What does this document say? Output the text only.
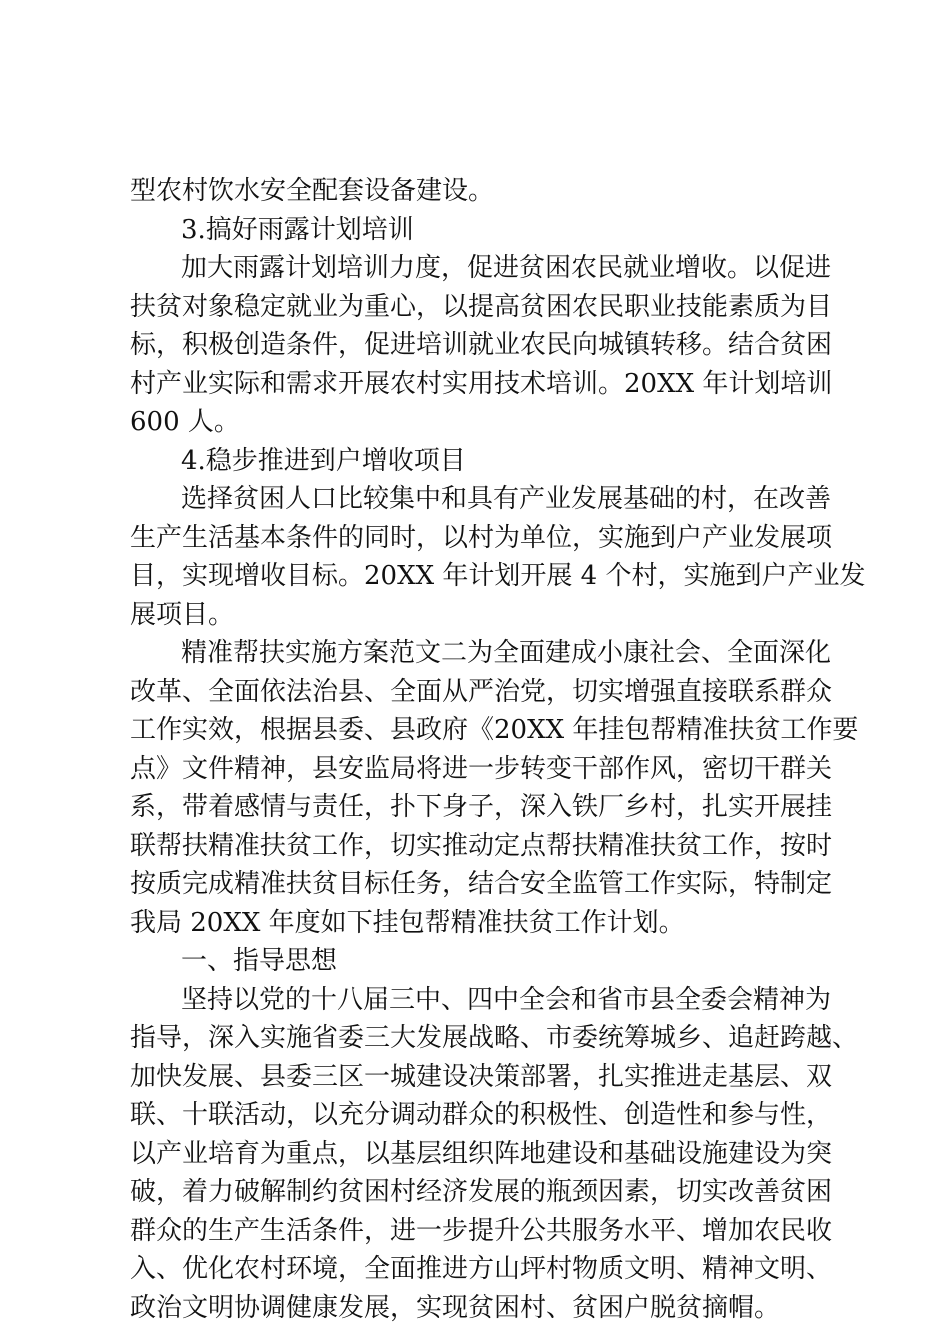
型农村饮水安全配套设备建设。
3.搞好雨露计划培训
加大雨露计划培训力度，促进贫困农民就业增收。以促进
扶贫对象稳定就业为重心，以提高贫困农民职业技能素质为目
标，积极创造条件，促进培训就业农民向城镇转移。结合贫困
村产业实际和需求开展农村实用技术培训。20XX 年计划培训
600 人。
4.稳步推进到户增收项目
选择贫困人口比较集中和具有产业发展基础的村，在改善
生产生活基本条件的同时，以村为单位，实施到户产业发展项
目，实现增收目标。20XX 年计划开展 4 个村，实施到户产业发
展项目。
精准帮扶实施方案范文二为全面建成小康社会、全面深化
改革、全面依法治县、全面从严治党，切实增强直接联系群众
工作实效，根据县委、县政府《20XX 年挂包帮精准扶贫工作要
点》文件精神，县安监局将进一步转变干部作风，密切干群关
系，带着感情与责任，扑下身子，深入铁厂乡村，扎实开展挂
联帮扶精准扶贫工作，切实推动定点帮扶精准扶贫工作，按时
按质完成精准扶贫目标任务，结合安全监管工作实际，特制定
我局 20XX 年度如下挂包帮精准扶贫工作计划。
一、指导思想
坚持以党的十八届三中、四中全会和省市县全委会精神为
指导，深入实施省委三大发展战略、市委统筹城乡、追赶跨越、
加快发展、县委三区一城建设决策部署，扎实推进走基层、双
联、十联活动，以充分调动群众的积极性、创造性和参与性，
以产业培育为重点，以基层组织阵地建设和基础设施建设为突
破，着力破解制约贫困村经济发展的瓶颈因素，切实改善贫困
群众的生产生活条件，进一步提升公共服务水平、增加农民收
入、优化农村环境，全面推进方山坪村物质文明、精神文明、
政治文明协调健康发展，实现贫困村、贫困户脱贫摘帽。
